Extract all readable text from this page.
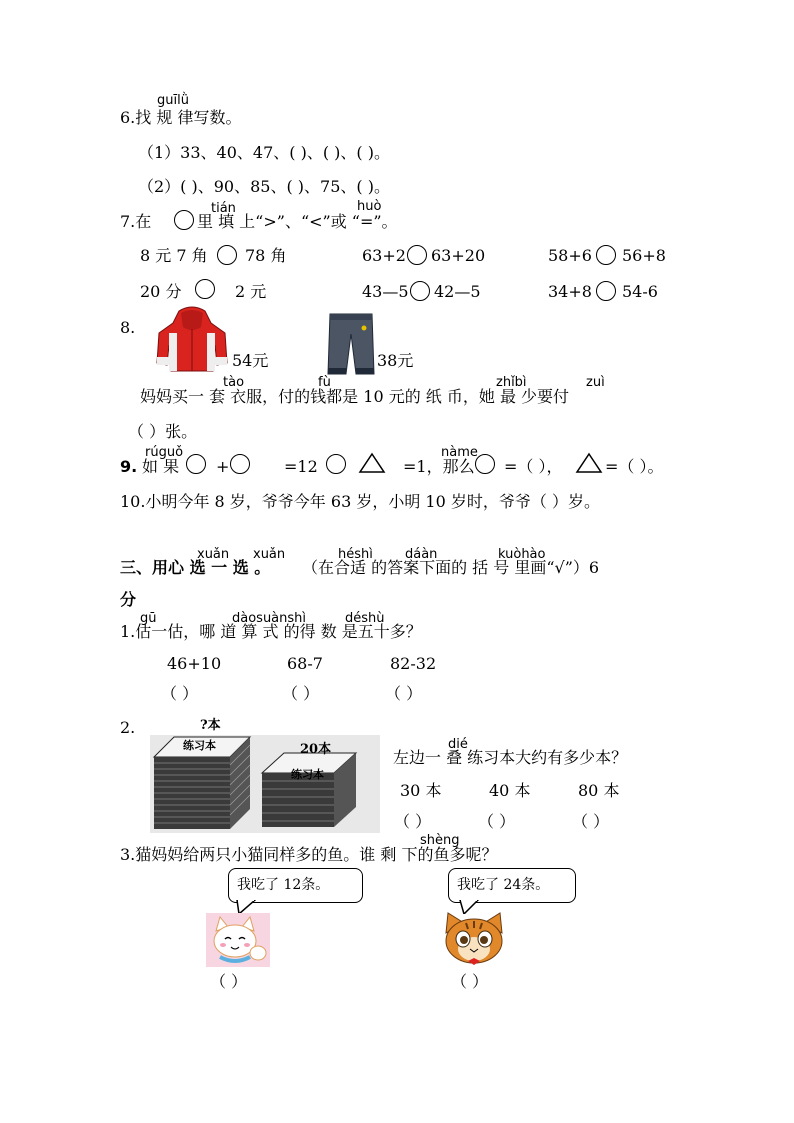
guīlǜ
6.找 规 律写数。
（1）33、40、47、( )、( )、( )。
（2）( )、90、85、( )、75、( )。
7.在
tián	huò
里 填 上“>”、“<”或 “=”。
8 元 7 角 78 角	63+2 63+20	58+6 56+8
20 分	2 元	43—5 42—5	34+8 54-6
8.
54元	38元
tào	fù	zhǐbì	zuì
妈妈买一 套 衣服，付的钱都是 10 元的 纸 币，她 最 少要付
（ ）张。
rúguǒ	nàme
9. 如 果 +	=12	=1，那么 =（ ），	=（ ）。
10.小明今年 8 岁，爷爷今年 63 岁，小明 10 岁时，爷爷（ ）岁。
xuǎn xuǎn	héshì dáàn	kuòhào
三、用心 选 一 选 。 （在合适 的答案下面的 括 号 里画“√”）6
分
gū	dàosuànshì	déshù
1.估一估，哪 道 算 式 的得 数 是五十多？
46+10	68-7	82-32
（ ）	（ ）	（ ）
2.	?本
练习本
练习本
20本	dié
左边一 叠 练习本大约有多少本？
30 本	40 本	80 本
（ ）	（ ）	（ ）
shèng
3.猫妈妈给两只小猫同样多的鱼。谁 剩 下的鱼多呢？
我吃了 12条。	我吃了 24条。
（ ）	（ ）
